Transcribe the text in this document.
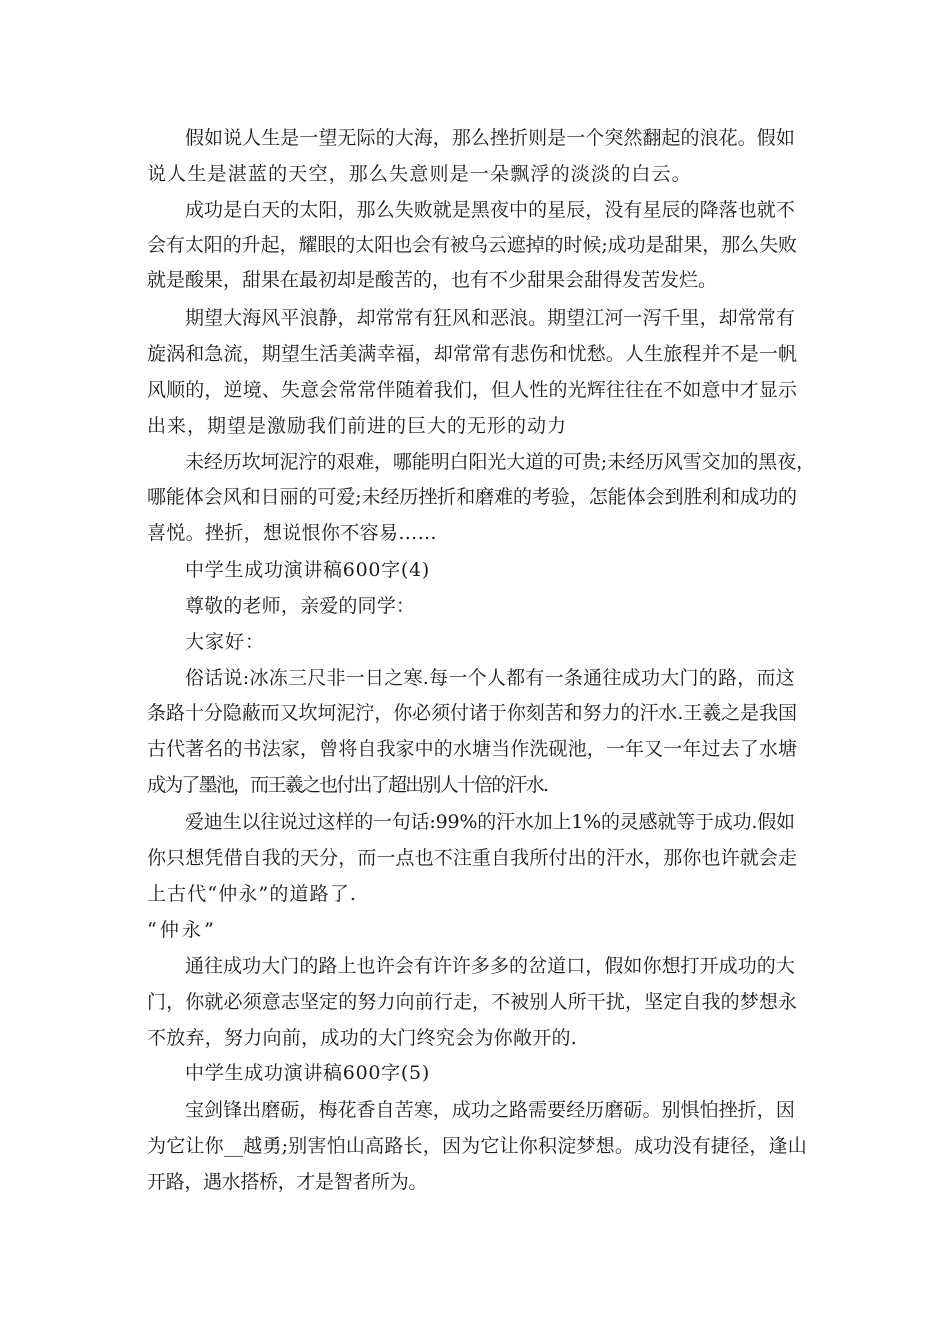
假如说人生是一望无际的大海，那么挫折则是一个突然翻起的浪花。假如
说人生是湛蓝的天空，那么失意则是一朵飘浮的淡淡的白云。
成功是白天的太阳，那么失败就是黑夜中的星辰，没有星辰的降落也就不
会有太阳的升起，耀眼的太阳也会有被乌云遮掉的时候;成功是甜果，那么失败
就是酸果，甜果在最初却是酸苦的，也有不少甜果会甜得发苦发烂。
期望大海风平浪静，却常常有狂风和恶浪。期望江河一泻千里，却常常有
旋涡和急流，期望生活美满幸福，却常常有悲伤和忧愁。人生旅程并不是一帆
风顺的，逆境、失意会常常伴随着我们，但人性的光辉往往在不如意中才显示
出来，期望是激励我们前进的巨大的无形的动力
未经历坎坷泥泞的艰难，哪能明白阳光大道的可贵;未经历风雪交加的黑夜，
哪能体会风和日丽的可爱;未经历挫折和磨难的考验，怎能体会到胜利和成功的
喜悦。挫折，想说恨你不容易……
中学生成功演讲稿600字(4)
尊敬的老师，亲爱的同学：
大家好：
俗话说:冰冻三尺非一日之寒.每一个人都有一条通往成功大门的路，而这
条路十分隐蔽而又坎坷泥泞，你必须付诸于你刻苦和努力的汗水.王羲之是我国
古代著名的书法家，曾将自我家中的水塘当作洗砚池，一年又一年过去了水塘
成为了墨池，而王羲之也付出了超出别人十倍的汗水.
爱迪生以往说过这样的一句话:99%的汗水加上1%的灵感就等于成功.假如
你只想凭借自我的天分，而一点也不注重自我所付出的汗水，那你也许就会走
上古代“仲永”的道路了.
“仲永”
通往成功大门的路上也许会有许许多多的岔道口，假如你想打开成功的大
门，你就必须意志坚定的努力向前行走，不被别人所干扰，坚定自我的梦想永
不放弃，努力向前，成功的大门终究会为你敞开的.
中学生成功演讲稿600字(5)
宝剑锋出磨砺，梅花香自苦寒，成功之路需要经历磨砺。别惧怕挫折，因
为它让你__越勇;别害怕山高路长，因为它让你积淀梦想。成功没有捷径，逢山
开路，遇水搭桥，才是智者所为。
